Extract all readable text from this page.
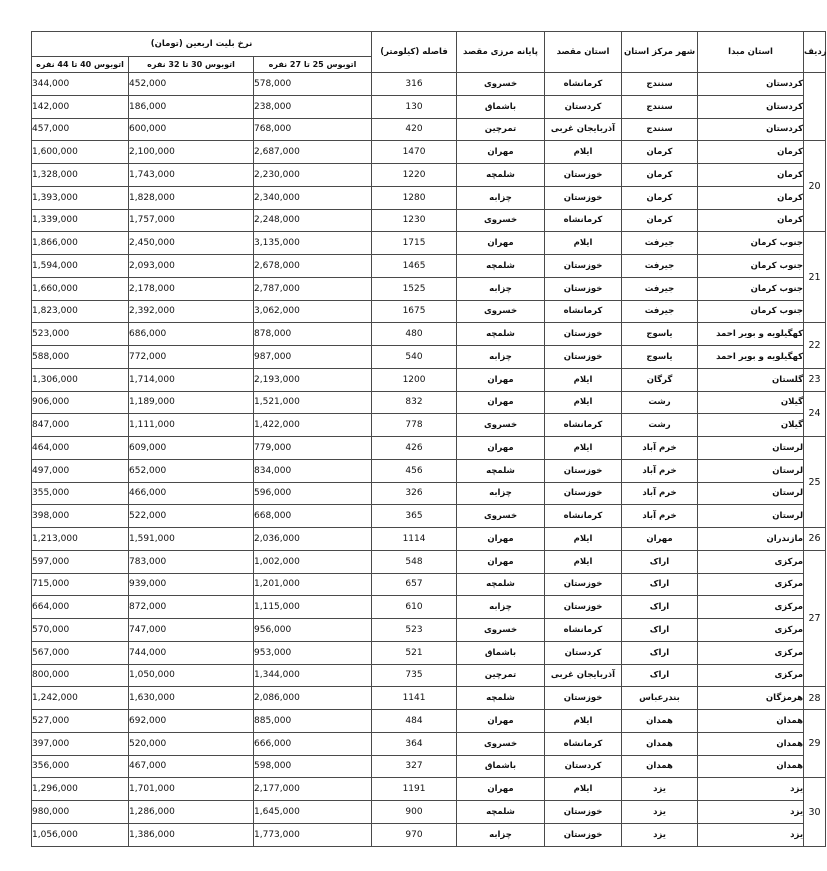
نرخ بلیت اربعین (تومان)			فاصله (کیلومتر)	پایانه مرزی مقصد	استان مقصد	شهر مرکز استان	استان مبدا	ردیف
اتوبوس 40 تا 44 نفره	اتوبوس 30 تا 32 نفره	اتوبوس 25 تا 27 نفره						
344,000	452,000	578,000	316	خسروی	کرمانشاه	سنندج	کردستان	
142,000	186,000	238,000	130	باشماق	کردستان	سنندج	کردستان	
457,000	600,000	768,000	420	تمرچین	آذربایجان غربی	سنندج	کردستان	
1,600,000	2,100,000	2,687,000	1470	مهران	ایلام	کرمان	کرمان	20
1,328,000	1,743,000	2,230,000	1220	شلمچه	خوزستان	کرمان	کرمان	
1,393,000	1,828,000	2,340,000	1280	چزابه	خوزستان	کرمان	کرمان	
1,339,000	1,757,000	2,248,000	1230	خسروی	کرمانشاه	کرمان	کرمان	
1,866,000	2,450,000	3,135,000	1715	مهران	ایلام	جیرفت	جنوب کرمان	21
1,594,000	2,093,000	2,678,000	1465	شلمچه	خوزستان	جیرفت	جنوب کرمان	
1,660,000	2,178,000	2,787,000	1525	چزابه	خوزستان	جیرفت	جنوب کرمان	
1,823,000	2,392,000	3,062,000	1675	خسروی	کرمانشاه	جیرفت	جنوب کرمان	
523,000	686,000	878,000	480	شلمچه	خوزستان	یاسوج	کهگیلویه و بویر احمد	22
588,000	772,000	987,000	540	چزابه	خوزستان	یاسوج	کهگیلویه و بویر احمد	
1,306,000	1,714,000	2,193,000	1200	مهران	ایلام	گرگان	گلستان	23
906,000	1,189,000	1,521,000	832	مهران	ایلام	رشت	گیلان	24
847,000	1,111,000	1,422,000	778	خسروی	کرمانشاه	رشت	گیلان	
464,000	609,000	779,000	426	مهران	ایلام	خرم آباد	لرستان	25
497,000	652,000	834,000	456	شلمچه	خوزستان	خرم آباد	لرستان	
355,000	466,000	596,000	326	چزابه	خوزستان	خرم آباد	لرستان	
398,000	522,000	668,000	365	خسروی	کرمانشاه	خرم آباد	لرستان	
1,213,000	1,591,000	2,036,000	1114	مهران	ایلام	مهران	مازندران	26
597,000	783,000	1,002,000	548	مهران	ایلام	اراک	مرکزی	27
715,000	939,000	1,201,000	657	شلمچه	خوزستان	اراک	مرکزی	
664,000	872,000	1,115,000	610	چزابه	خوزستان	اراک	مرکزی	
570,000	747,000	956,000	523	خسروی	کرمانشاه	اراک	مرکزی	
567,000	744,000	953,000	521	باشماق	کردستان	اراک	مرکزی	
800,000	1,050,000	1,344,000	735	تمرچین	آذربایجان غربی	اراک	مرکزی	
1,242,000	1,630,000	2,086,000	1141	شلمچه	خوزستان	بندرعباس	هرمزگان	28
527,000	692,000	885,000	484	مهران	ایلام	همدان	همدان	29
397,000	520,000	666,000	364	خسروی	کرمانشاه	همدان	همدان	
356,000	467,000	598,000	327	باشماق	کردستان	همدان	همدان	
1,296,000	1,701,000	2,177,000	1191	مهران	ایلام	یزد	یزد	30
980,000	1,286,000	1,645,000	900	شلمچه	خوزستان	یزد	یزد	
1,056,000	1,386,000	1,773,000	970	چزابه	خوزستان	یزد	یزد	
